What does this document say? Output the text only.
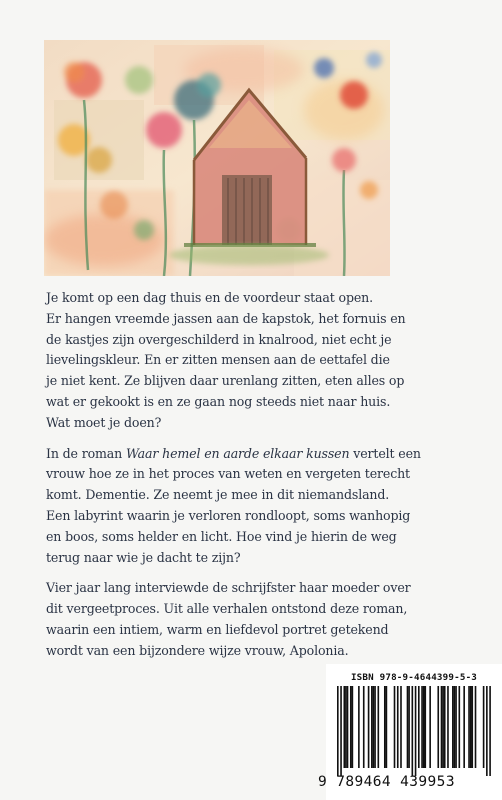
Je komt op een dag thuis en de voordeur staat open.
Er hangen vreemde jassen aan de kapstok, het fornuis en
de kastjes zijn overgeschilderd in knalrood, niet echt je
lievelingskleur. En er zitten mensen aan de eettafel die
je niet kent. Ze blijven daar urenlang zitten, eten alles op
wat er gekookt is en ze gaan nog steeds niet naar huis.
Wat moet je doen?

In de roman Waar hemel en aarde elkaar kussen vertelt een
vrouw hoe ze in het proces van weten en vergeten terecht
komt. Dementie. Ze neemt je mee in dit niemandsland.
Een labyrint waarin je verloren rondloopt, soms wanhopig
en boos, soms helder en licht. Hoe vind je hierin de weg
terug naar wie je dacht te zijn?

Vier jaar lang interviewde de schrijfster haar moeder over
dit vergeetproces. Uit alle verhalen ontstond deze roman,
waarin een intiem, warm en liefdevol portret getekend
wordt van een bijzondere wijze vrouw, Apolonia.

ISBN 978-9-4644399-5-3
9 789464 439953
